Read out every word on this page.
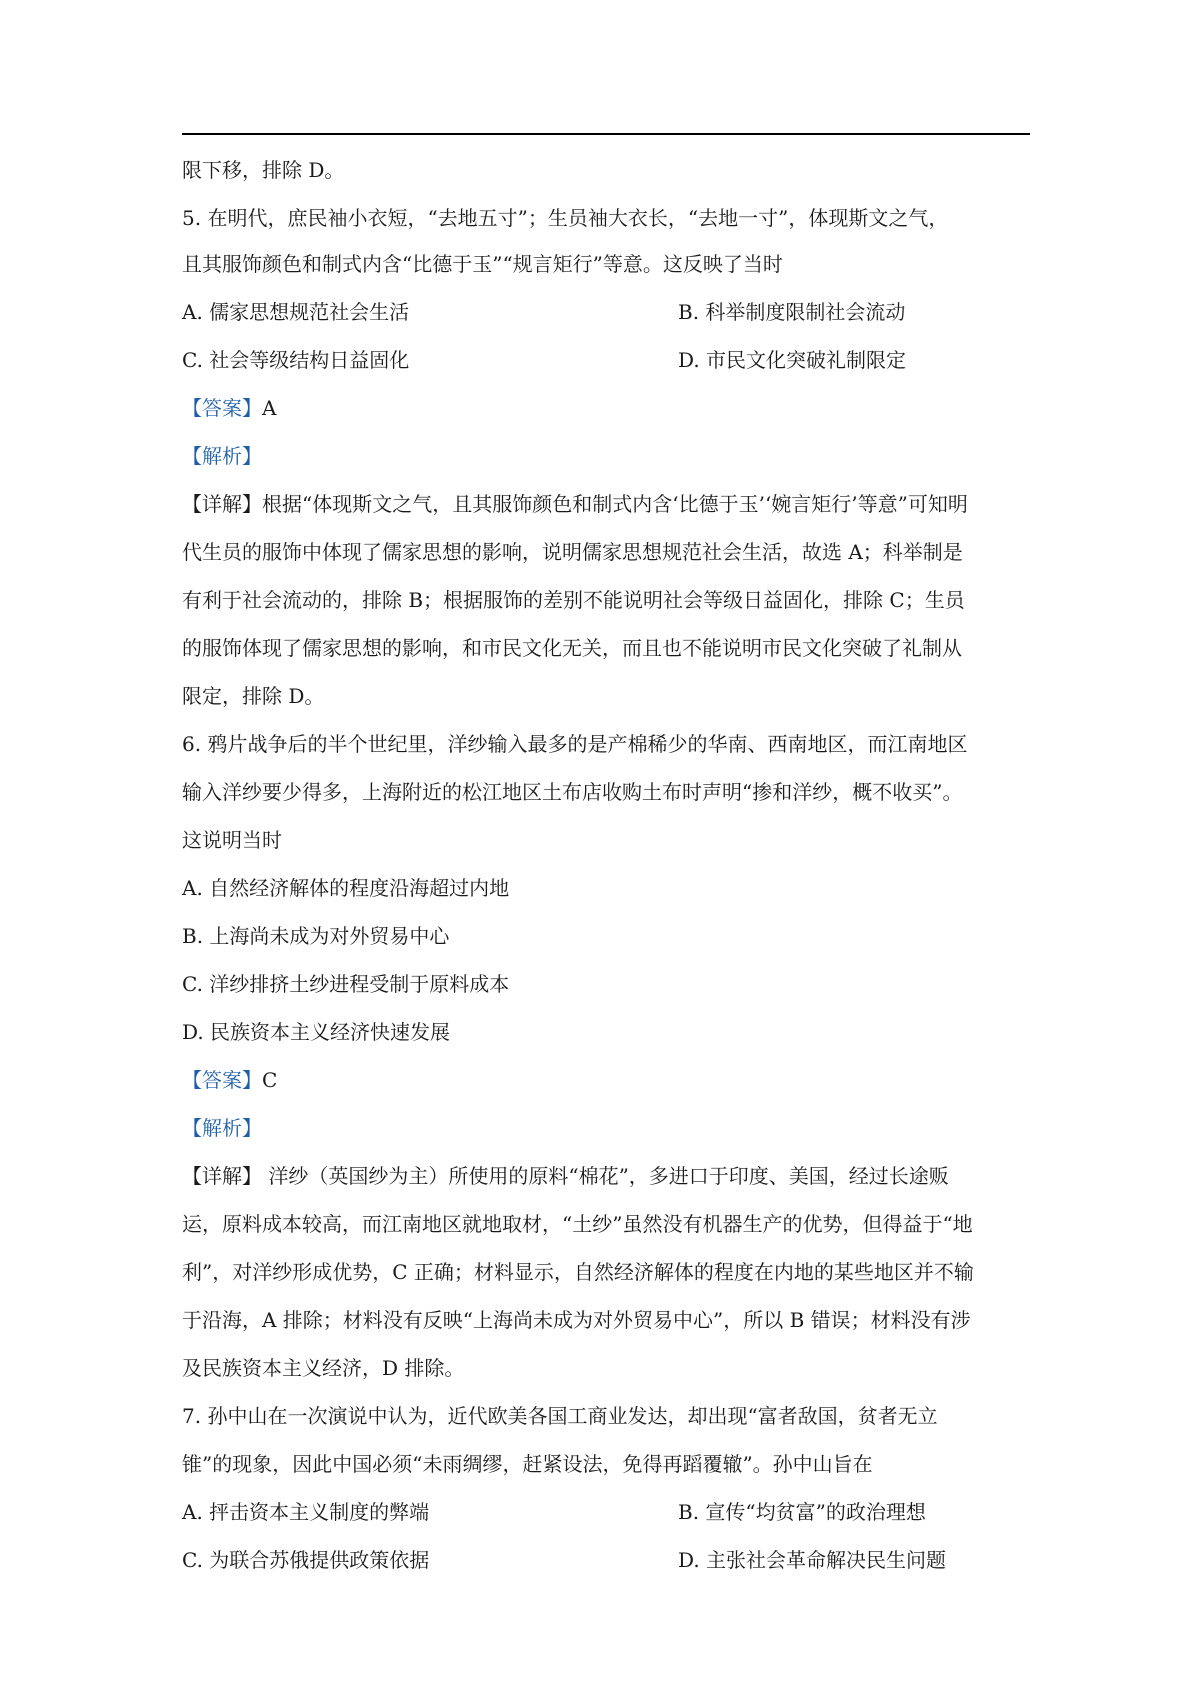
限下移，排除 D。
5. 在明代，庶民袖小衣短，“去地五寸”；生员袖大衣长，“去地一寸”，体现斯文之气，
且其服饰颜色和制式内含“比德于玉”“规言矩行”等意。这反映了当时
A. 儒家思想规范社会生活	B. 科举制度限制社会流动
C. 社会等级结构日益固化	D. 市民文化突破礼制限定
【答案】A
【解析】
【详解】根据“体现斯文之气，且其服饰颜色和制式内含‘比德于玉’‘婉言矩行’等意”可知明
代生员的服饰中体现了儒家思想的影响，说明儒家思想规范社会生活，故选 A；科举制是
有利于社会流动的，排除 B；根据服饰的差别不能说明社会等级日益固化，排除 C；生员
的服饰体现了儒家思想的影响，和市民文化无关，而且也不能说明市民文化突破了礼制从
限定，排除 D。
6. 鸦片战争后的半个世纪里，洋纱输入最多的是产棉稀少的华南、西南地区，而江南地区
输入洋纱要少得多，上海附近的松江地区土布店收购土布时声明“掺和洋纱，概不收买”。
这说明当时
A. 自然经济解体的程度沿海超过内地
B. 上海尚未成为对外贸易中心
C. 洋纱排挤土纱进程受制于原料成本
D. 民族资本主义经济快速发展
【答案】C
【解析】
【详解】 洋纱（英国纱为主）所使用的原料“棉花”，多进口于印度、美国，经过长途贩
运，原料成本较高，而江南地区就地取材，“土纱”虽然没有机器生产的优势，但得益于“地
利”，对洋纱形成优势，C 正确；材料显示，自然经济解体的程度在内地的某些地区并不输
于沿海，A 排除；材料没有反映“上海尚未成为对外贸易中心”，所以 B 错误；材料没有涉
及民族资本主义经济，D 排除。
7. 孙中山在一次演说中认为，近代欧美各国工商业发达，却出现“富者敌国，贫者无立
锥”的现象，因此中国必须“未雨绸缪，赶紧设法，免得再蹈覆辙”。孙中山旨在
A. 抨击资本主义制度的弊端	B. 宣传“均贫富”的政治理想
C. 为联合苏俄提供政策依据	D. 主张社会革命解决民生问题
